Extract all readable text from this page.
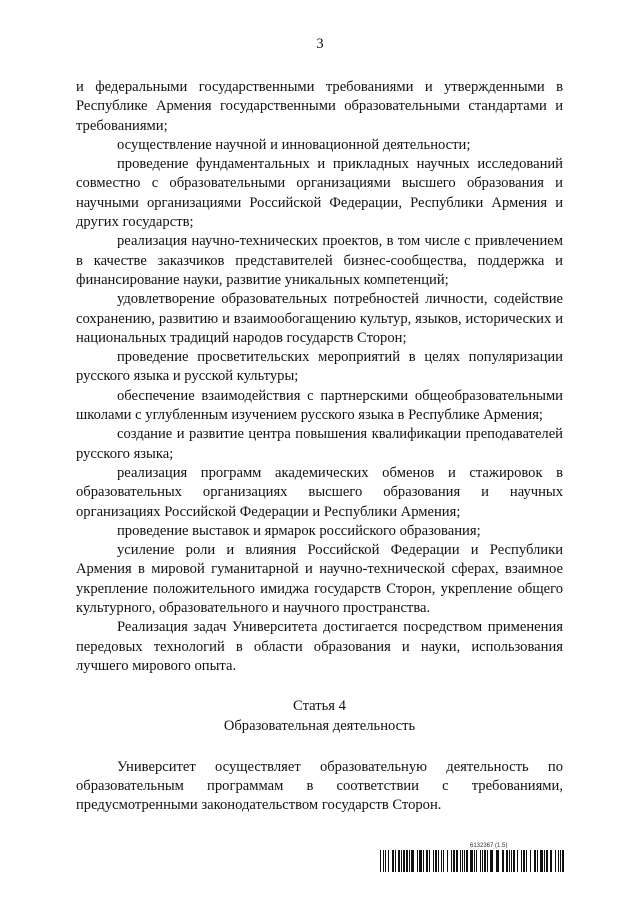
3

и федеральными государственными требованиями и утвержденными в Республике Армения государственными образовательными стандартами и требованиями;

осуществление научной и инновационной деятельности;

проведение фундаментальных и прикладных научных исследований совместно с образовательными организациями высшего образования и научными организациями Российской Федерации, Республики Армения и других государств;

реализация научно-технических проектов, в том числе с привлечением в качестве заказчиков представителей бизнес-сообщества, поддержка и финансирование науки, развитие уникальных компетенций;

удовлетворение образовательных потребностей личности, содействие сохранению, развитию и взаимообогащению культур, языков, исторических и национальных традиций народов государств Сторон;

проведение просветительских мероприятий в целях популяризации русского языка и русской культуры;

обеспечение взаимодействия с партнерскими общеобразовательными школами с углубленным изучением русского языка в Республике Армения;

создание и развитие центра повышения квалификации преподавателей русского языка;

реализация программ академических обменов и стажировок в образовательных организациях высшего образования и научных организациях Российской Федерации и Республики Армения;

проведение выставок и ярмарок российского образования;

усиление роли и влияния Российской Федерации и Республики Армения в мировой гуманитарной и научно-технической сферах, взаимное укрепление положительного имиджа государств Сторон, укрепление общего культурного, образовательного и научного пространства.

Реализация задач Университета достигается посредством применения передовых технологий в области образования и науки, использования лучшего мирового опыта.

Статья 4

Образовательная деятельность

Университет осуществляет образовательную деятельность по образовательным программам в соответствии с требованиями, предусмотренными законодательством государств Сторон.

6132367 (1.5)
